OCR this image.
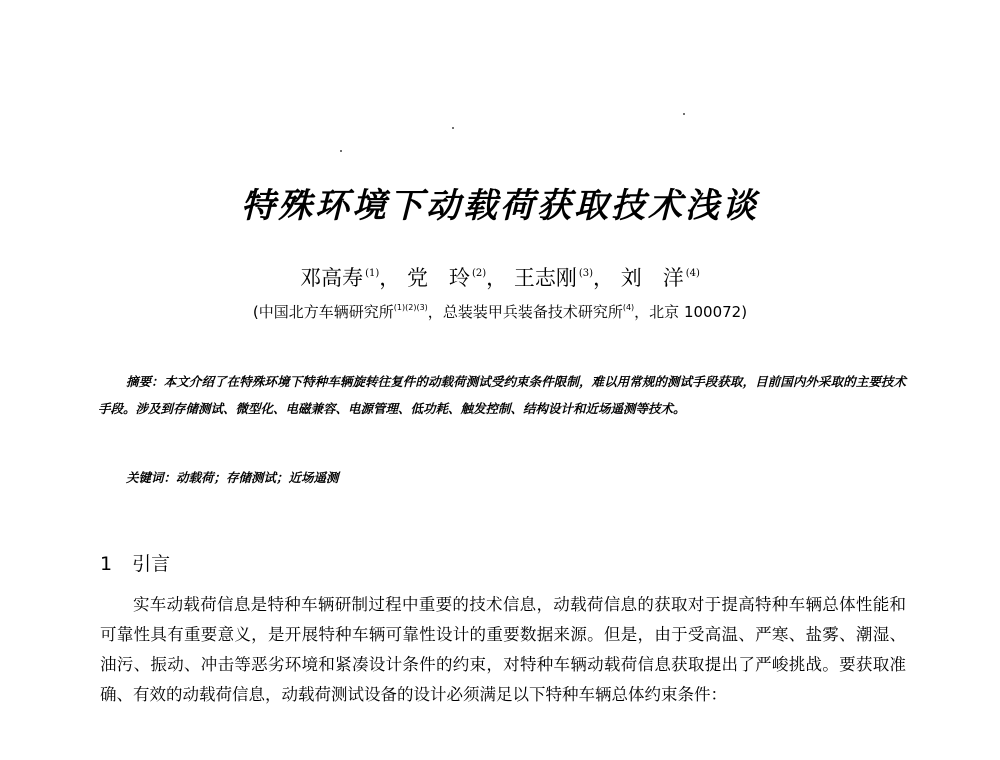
特殊环境下动载荷获取技术浅谈
邓高寿 $^{(1)}$， 党　玲 $^{(2)}$， 王志刚 $^{(3)}$， 刘　洋 $^{(4)}$
(中国北方车辆研究所$^{(1)(2)(3)}$，总装装甲兵装备技术研究所$^{(4)}$，北京 100072)
摘要：本文介绍了在特殊环境下特种车辆旋转往复件的动载荷测试受约束条件限制，难以用常规的测试手段获取，目前国内外采取的主要技术手段。涉及到存储测试、微型化、电磁兼容、电源管理、低功耗、触发控制、结构设计和近场遥测等技术。
关键词：动载荷；存储测试；近场遥测
1 引言
实车动载荷信息是特种车辆研制过程中重要的技术信息，动载荷信息的获取对于提高特种车辆总体性能和可靠性具有重要意义，是开展特种车辆可靠性设计的重要数据来源。但是，由于受高温、严寒、盐雾、潮湿、油污、振动、冲击等恶劣环境和紧凑设计条件的约束，对特种车辆动载荷信息获取提出了严峻挑战。要获取准确、有效的动载荷信息，动载荷测试设备的设计必须满足以下特种车辆总体约束条件：
